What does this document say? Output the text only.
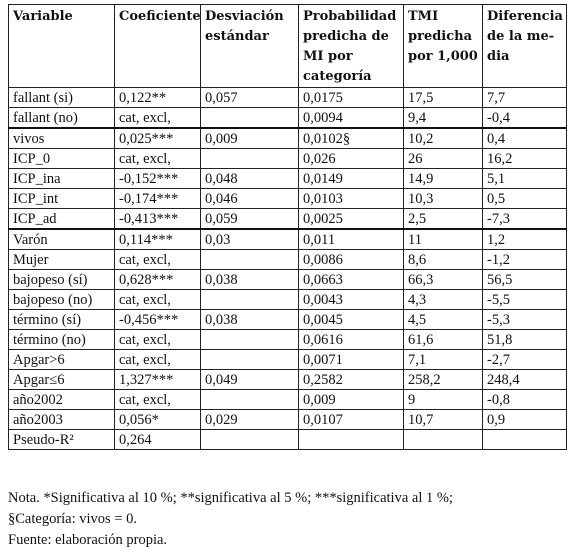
Variable	Coeficiente	Desviación estándar	Probabilidad predicha de MI por categoría	TMI predicha por 1,000	Diferencia de la me-dia
fallant (si)	0,122**	0,057	0,0175	17,5	7,7
fallant (no)	cat, excl,		0,0094	9,4	-0,4
vivos	0,025***	0,009	0,0102§	10,2	0,4
ICP_0	cat, excl,		0,026	26	16,2
ICP_ina	-0,152***	0,048	0,0149	14,9	5,1
ICP_int	-0,174***	0,046	0,0103	10,3	0,5
ICP_ad	-0,413***	0,059	0,0025	2,5	-7,3
Varón	0,114***	0,03	0,011	11	1,2
Mujer	cat, excl,		0,0086	8,6	-1,2
bajopeso (sí)	0,628***	0,038	0,0663	66,3	56,5
bajopeso (no)	cat, excl,		0,0043	4,3	-5,5
término (sí)	-0,456***	0,038	0,0045	4,5	-5,3
término (no)	cat, excl,		0,0616	61,6	51,8
Apgar>6	cat, excl,		0,0071	7,1	-2,7
Apgar≤6	1,327***	0,049	0,2582	258,2	248,4
año2002	cat, excl,		0,009	9	-0,8
año2003	0,056*	0,029	0,0107	10,7	0,9
Pseudo-R²	0,264				
Nota. *Significativa al 10 %; **significativa al 5 %; ***significativa al 1 %;
§Categoría: vivos = 0.
Fuente: elaboración propia.
